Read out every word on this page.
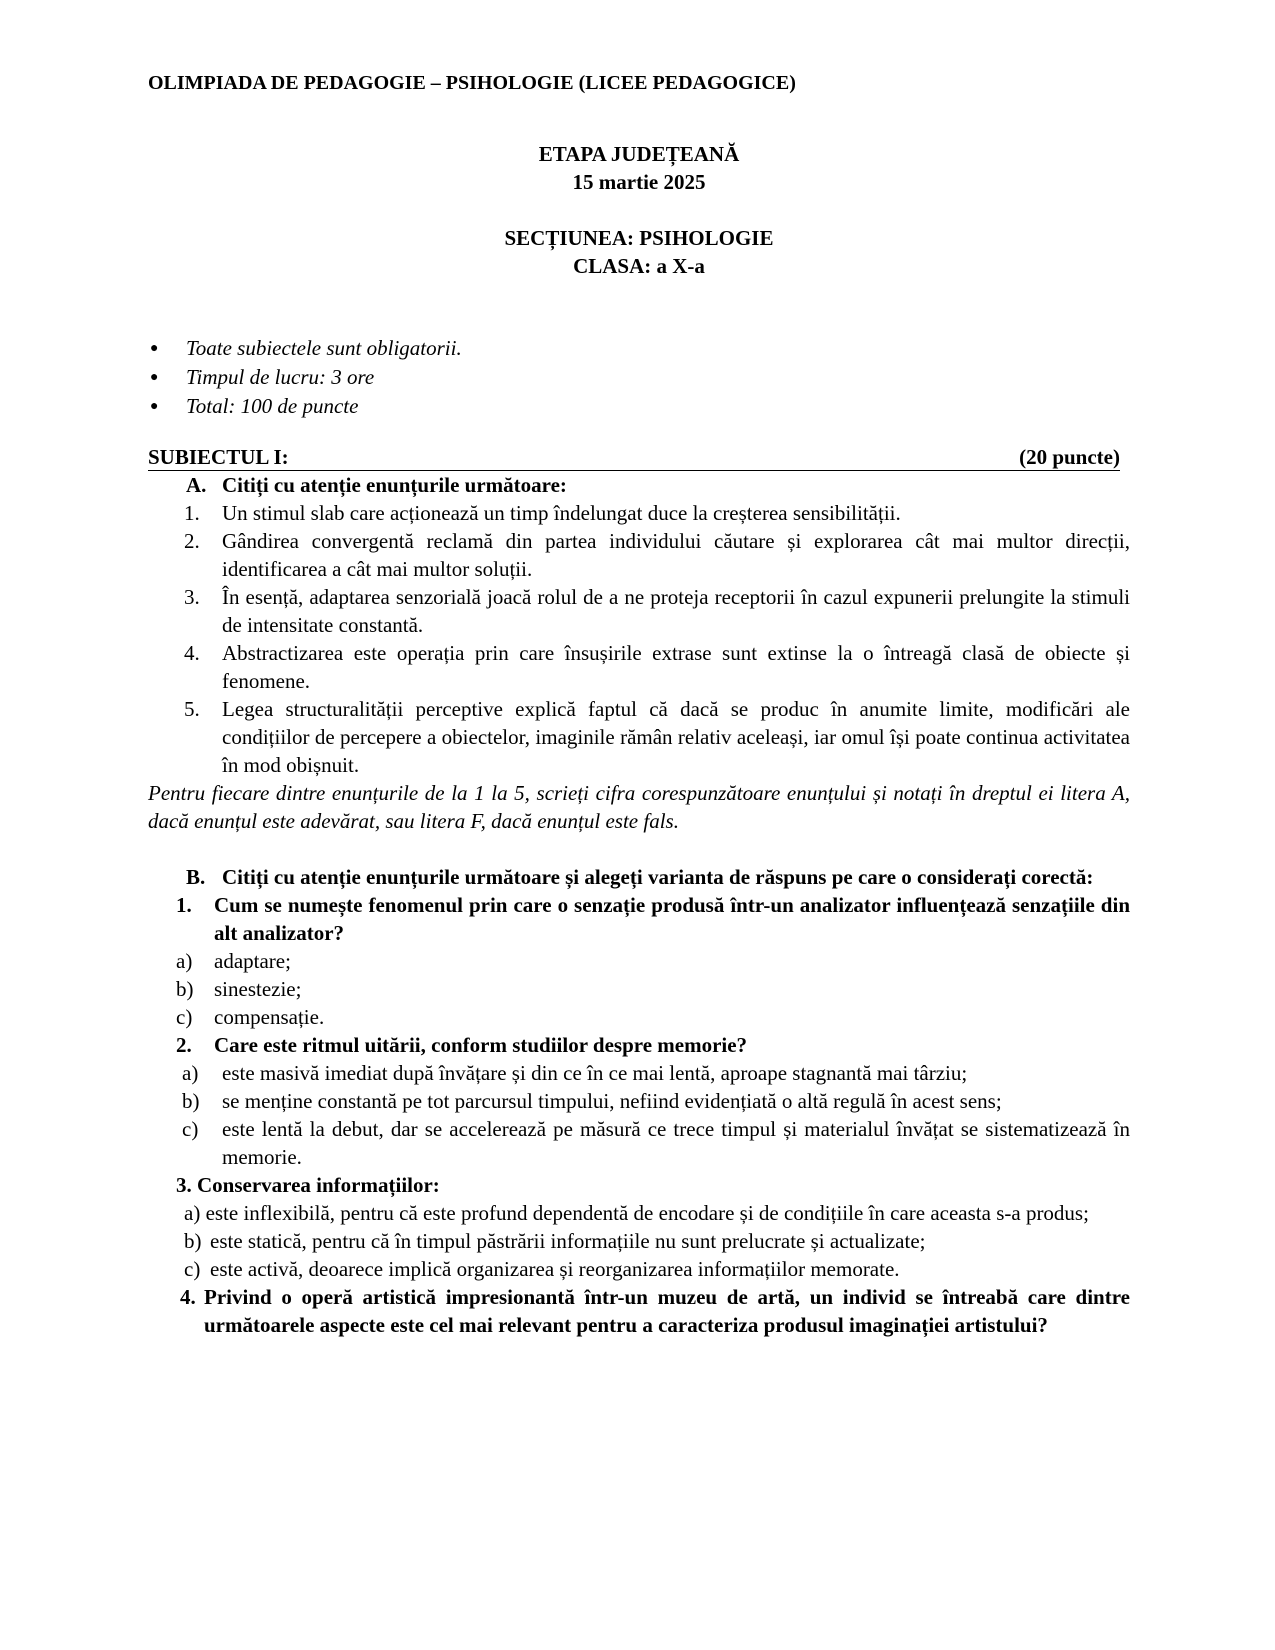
OLIMPIADA DE PEDAGOGIE – PSIHOLOGIE (LICEE PEDAGOGICE)
ETAPA JUDEȚEANĂ
15 martie 2025
SECȚIUNEA: PSIHOLOGIE
CLASA: a X-a
● Toate subiectele sunt obligatorii.
● Timpul de lucru: 3 ore
● Total: 100 de puncte
SUBIECTUL I:	(20 puncte)
A. Citiți cu atenție enunțurile următoare:
1. Un stimul slab care acționează un timp îndelungat duce la creșterea sensibilității.
2. Gândirea convergentă reclamă din partea individului căutare și explorarea cât mai multor direcții, identificarea a cât mai multor soluții.
3. În esență, adaptarea senzorială joacă rolul de a ne proteja receptorii în cazul expunerii prelungite la stimuli de intensitate constantă.
4. Abstractizarea este operația prin care însușirile extrase sunt extinse la o întreagă clasă de obiecte și fenomene.
5. Legea structuralității perceptive explică faptul că dacă se produc în anumite limite, modificări ale condițiilor de percepere a obiectelor, imaginile rămân relativ aceleași, iar omul își poate continua activitatea în mod obișnuit.
Pentru fiecare dintre enunțurile de la 1 la 5, scrieți cifra corespunzătoare enunțului și notați în dreptul ei litera A, dacă enunțul este adevărat, sau litera F, dacă enunțul este fals.
B. Citiți cu atenție enunțurile următoare și alegeți varianta de răspuns pe care o considerați corectă:
1. Cum se numește fenomenul prin care o senzație produsă într-un analizator influențează senzațiile din alt analizator?
a) adaptare;
b) sinestezie;
c) compensație.
2. Care este ritmul uitării, conform studiilor despre memorie?
a) este masivă imediat după învățare și din ce în ce mai lentă, aproape stagnantă mai târziu;
b) se menține constantă pe tot parcursul timpului, nefiind evidențiată o altă regulă în acest sens;
c) este lentă la debut, dar se accelerează pe măsură ce trece timpul și materialul învățat se sistematizează în memorie.
3. Conservarea informațiilor:
a) este inflexibilă, pentru că este profund dependentă de encodare și de condițiile în care aceasta s-a produs;
b) este statică, pentru că în timpul păstrării informațiile nu sunt prelucrate și actualizate;
c) este activă, deoarece implică organizarea și reorganizarea informațiilor memorate.
4. Privind o operă artistică impresionantă într-un muzeu de artă, un individ se întreabă care dintre următoarele aspecte este cel mai relevant pentru a caracteriza produsul imaginației artistului?
